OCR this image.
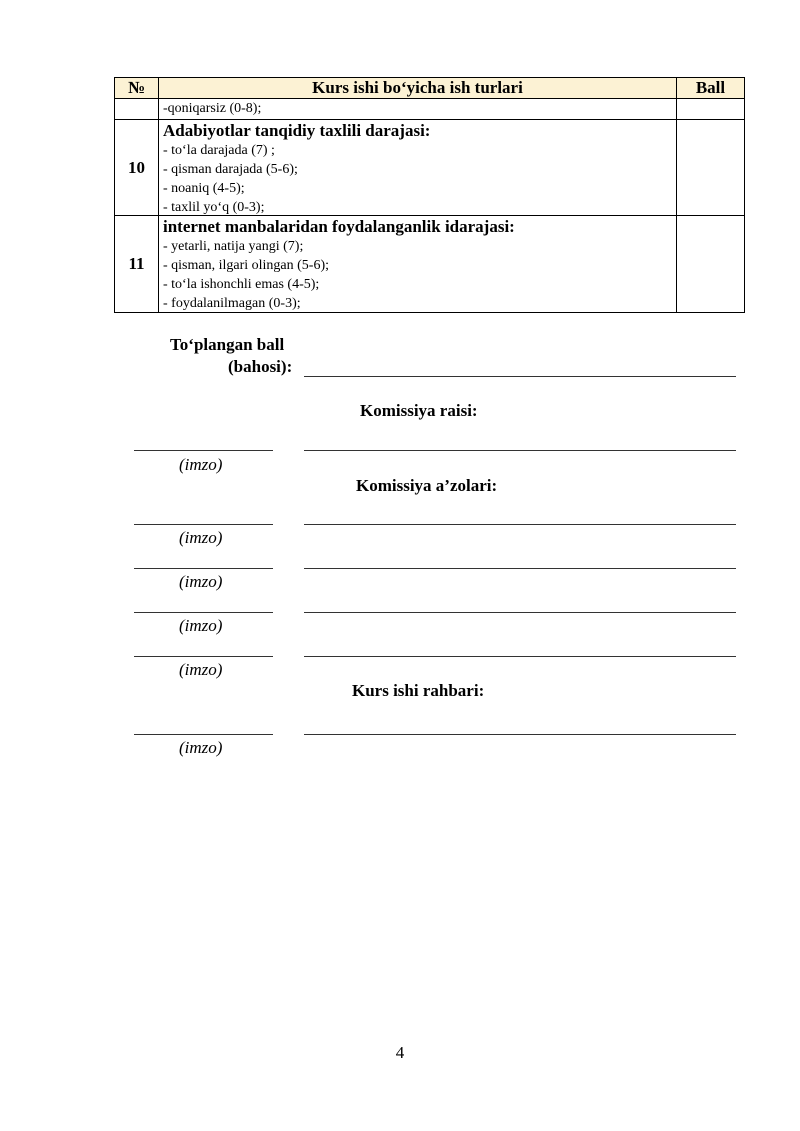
№	Kurs ishi bo‘yicha ish turlari	Ball
-qoniqarsiz (0-8);
10
Adabiyotlar tanqidiy taxlili darajasi:
- to‘la darajada (7) ;
- qisman darajada (5-6);
- noaniq (4-5);
- taxlil yo‘q (0-3);
11
internet manbalaridan foydalanganlik idarajasi:
- yetarli, natija yangi (7);
- qisman, ilgari olingan (5-6);
- to‘la ishonchli emas (4-5);
- foydalanilmagan (0-3);
To‘plangan ball
(bahosi):
Komissiya raisi:
(imzo)
Komissiya a’zolari:
(imzo)
(imzo)
(imzo)
(imzo)
Kurs ishi rahbari:
(imzo)
4
